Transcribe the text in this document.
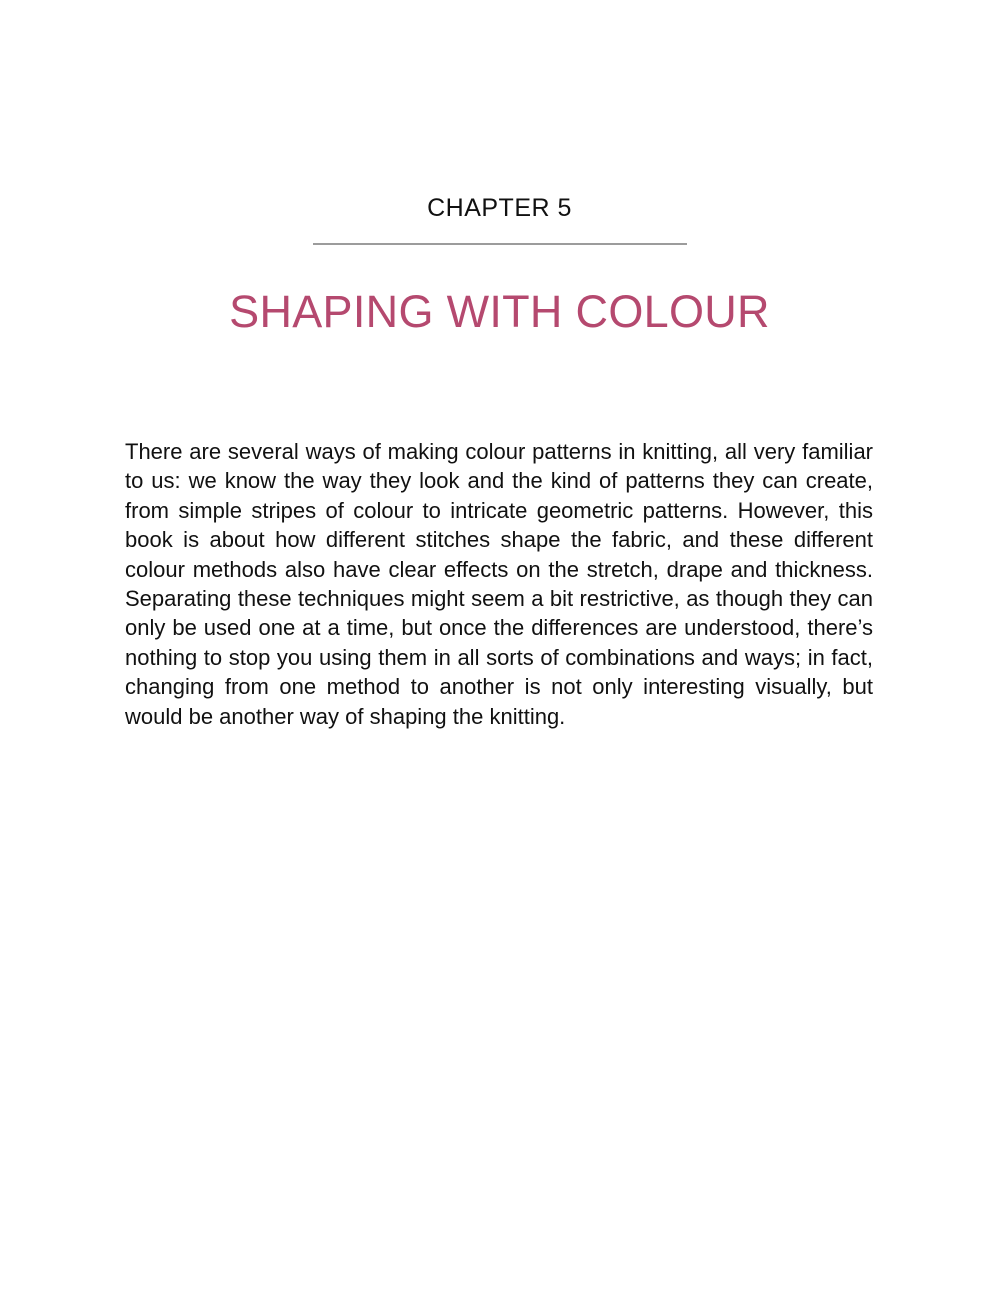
CHAPTER 5
SHAPING WITH COLOUR

There are several ways of making colour patterns in knitting, all very familiar to us: we know the way they look and the kind of patterns they can create, from simple stripes of colour to intricate geometric patterns. However, this book is about how different stitches shape the fabric, and these different colour methods also have clear effects on the stretch, drape and thickness. Separating these techniques might seem a bit restrictive, as though they can only be used one at a time, but once the differences are understood, there’s nothing to stop you using them in all sorts of combinations and ways; in fact, changing from one method to another is not only interesting visually, but would be another way of shaping the knitting.
